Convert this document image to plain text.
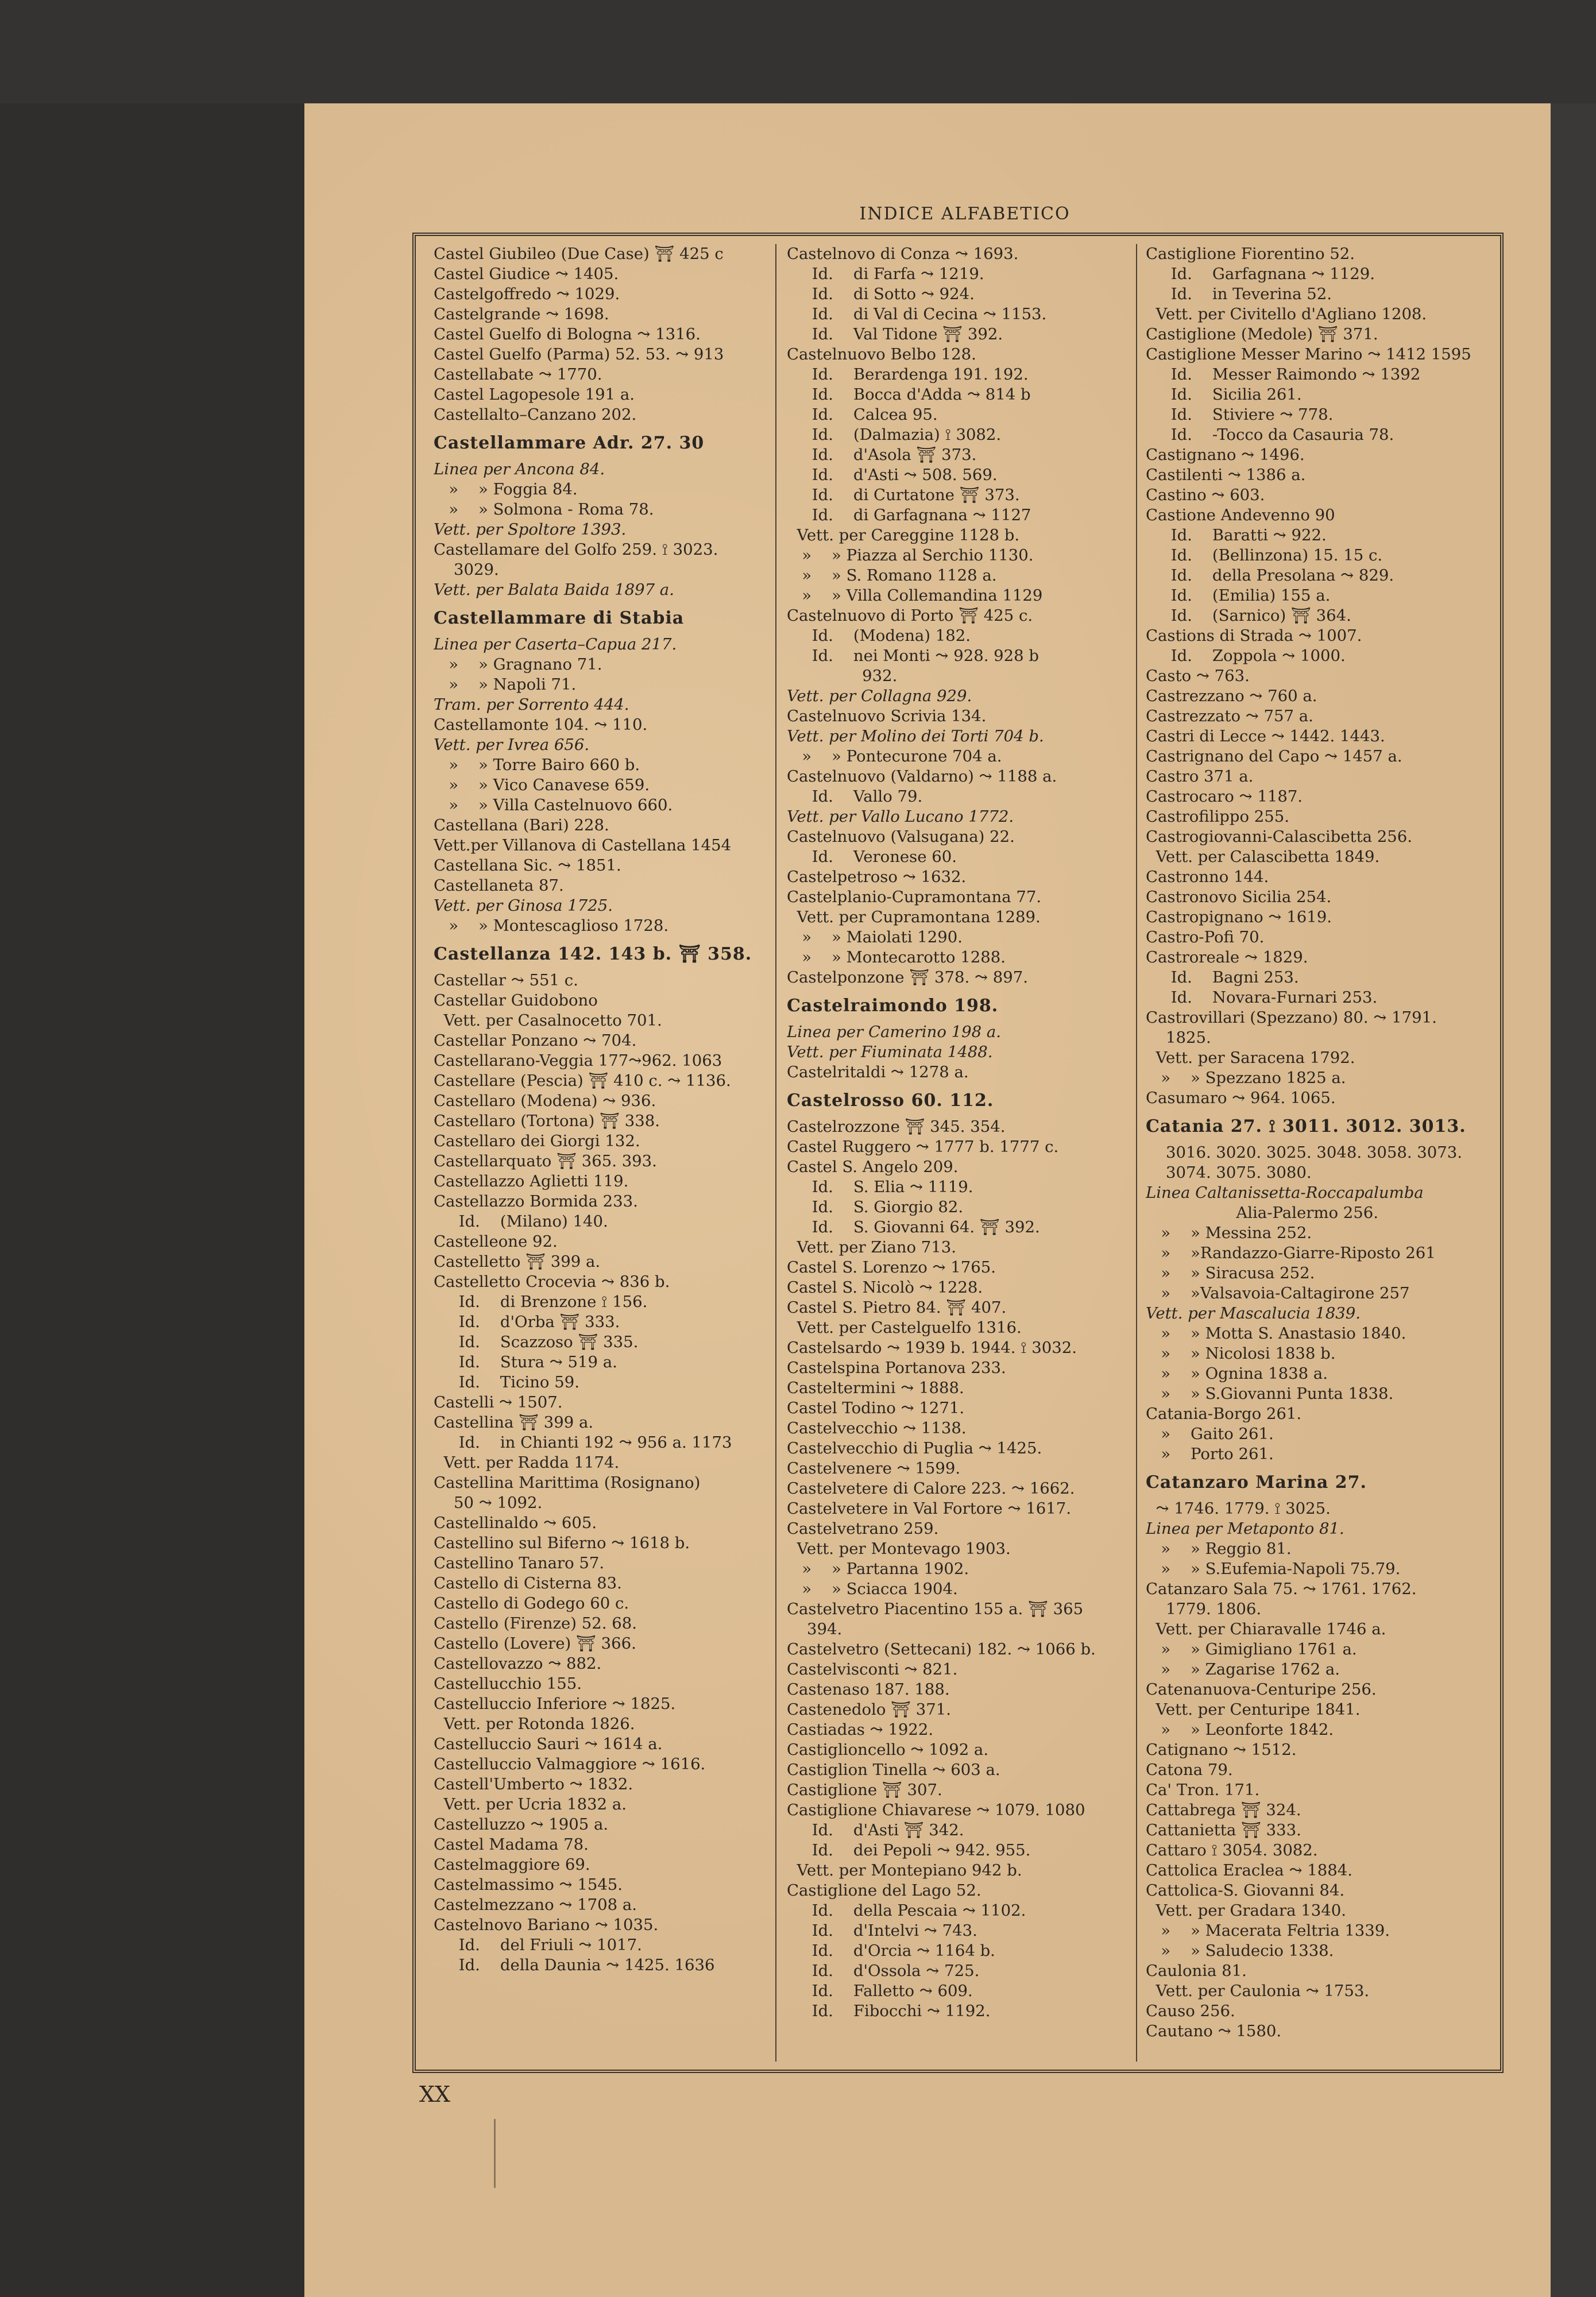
INDICE ALFABETICO
Castel Giubileo (Due Case) ⛩ 425 c
Castel Giudice ⤳ 1405.
Castelgoffredo ⤳ 1029.
Castelgrande ⤳ 1698.
Castel Guelfo di Bologna ⤳ 1316.
Castel Guelfo (Parma) 52. 53. ⤳ 913
Castellabate ⤳ 1770.
Castel Lagopesole 191 a.
Castellalto–Canzano 202.
Castellammare Adr. 27. 30
Linea per Ancona 84.
»    » Foggia 84.
»    » Solmona - Roma 78.
Vett. per Spoltore 1393.
Castellamare del Golfo 259. ⟟ 3023.
3029.
Vett. per Balata Baida 1897 a.
Castellammare di Stabia
Linea per Caserta–Capua 217.
»    » Gragnano 71.
»    » Napoli 71.
Tram. per Sorrento 444.
Castellamonte 104. ⤳ 110.
Vett. per Ivrea 656.
»    » Torre Bairo 660 b.
»    » Vico Canavese 659.
»    » Villa Castelnuovo 660.
Castellana (Bari) 228.
Vett.per Villanova di Castellana 1454
Castellana Sic. ⤳ 1851.
Castellaneta 87.
Vett. per Ginosa 1725.
»    » Montescaglioso 1728.
Castellanza 142. 143 b. ⛩ 358.
Castellar ⤳ 551 c.
Castellar Guidobono
Vett. per Casalnocetto 701.
Castellar Ponzano ⤳ 704.
Castellarano-Veggia 177⤳962. 1063
Castellare (Pescia) ⛩ 410 c. ⤳ 1136.
Castellaro (Modena) ⤳ 936.
Castellaro (Tortona) ⛩ 338.
Castellaro dei Giorgi 132.
Castellarquato ⛩ 365. 393.
Castellazzo Aglietti 119.
Castellazzo Bormida 233.
Id.    (Milano) 140.
Castelleone 92.
Castelletto ⛩ 399 a.
Castelletto Crocevia ⤳ 836 b.
Id.    di Brenzone ⟟ 156.
Id.    d'Orba ⛩ 333.
Id.    Scazzoso ⛩ 335.
Id.    Stura ⤳ 519 a.
Id.    Ticino 59.
Castelli ⤳ 1507.
Castellina ⛩ 399 a.
Id.    in Chianti 192 ⤳ 956 a. 1173
Vett. per Radda 1174.
Castellina Marittima (Rosignano)
50 ⤳ 1092.
Castellinaldo ⤳ 605.
Castellino sul Biferno ⤳ 1618 b.
Castellino Tanaro 57.
Castello di Cisterna 83.
Castello di Godego 60 c.
Castello (Firenze) 52. 68.
Castello (Lovere) ⛩ 366.
Castellovazzo ⤳ 882.
Castellucchio 155.
Castelluccio Inferiore ⤳ 1825.
Vett. per Rotonda 1826.
Castelluccio Sauri ⤳ 1614 a.
Castelluccio Valmaggiore ⤳ 1616.
Castell'Umberto ⤳ 1832.
Vett. per Ucria 1832 a.
Castelluzzo ⤳ 1905 a.
Castel Madama 78.
Castelmaggiore 69.
Castelmassimo ⤳ 1545.
Castelmezzano ⤳ 1708 a.
Castelnovo Bariano ⤳ 1035.
Id.    del Friuli ⤳ 1017.
Id.    della Daunia ⤳ 1425. 1636
Castelnovo di Conza ⤳ 1693.
Id.    di Farfa ⤳ 1219.
Id.    di Sotto ⤳ 924.
Id.    di Val di Cecina ⤳ 1153.
Id.    Val Tidone ⛩ 392.
Castelnuovo Belbo 128.
Id.    Berardenga 191. 192.
Id.    Bocca d'Adda ⤳ 814 b
Id.    Calcea 95.
Id.    (Dalmazia) ⟟ 3082.
Id.    d'Asola ⛩ 373.
Id.    d'Asti ⤳ 508. 569.
Id.    di Curtatone ⛩ 373.
Id.    di Garfagnana ⤳ 1127
Vett. per Careggine 1128 b.
»    » Piazza al Serchio 1130.
»    » S. Romano 1128 a.
»    » Villa Collemandina 1129
Castelnuovo di Porto ⛩ 425 c.
Id.    (Modena) 182.
Id.    nei Monti ⤳ 928. 928 b
932.
Vett. per Collagna 929.
Castelnuovo Scrivia 134.
Vett. per Molino dei Torti 704 b.
»    » Pontecurone 704 a.
Castelnuovo (Valdarno) ⤳ 1188 a.
Id.    Vallo 79.
Vett. per Vallo Lucano 1772.
Castelnuovo (Valsugana) 22.
Id.    Veronese 60.
Castelpetroso ⤳ 1632.
Castelplanio-Cupramontana 77.
Vett. per Cupramontana 1289.
»    » Maiolati 1290.
»    » Montecarotto 1288.
Castelponzone ⛩ 378. ⤳ 897.
Castelraimondo 198.
Linea per Camerino 198 a.
Vett. per Fiuminata 1488.
Castelritaldi ⤳ 1278 a.
Castelrosso 60. 112.
Castelrozzone ⛩ 345. 354.
Castel Ruggero ⤳ 1777 b. 1777 c.
Castel S. Angelo 209.
Id.    S. Elia ⤳ 1119.
Id.    S. Giorgio 82.
Id.    S. Giovanni 64. ⛩ 392.
Vett. per Ziano 713.
Castel S. Lorenzo ⤳ 1765.
Castel S. Nicolò ⤳ 1228.
Castel S. Pietro 84. ⛩ 407.
Vett. per Castelguelfo 1316.
Castelsardo ⤳ 1939 b. 1944. ⟟ 3032.
Castelspina Portanova 233.
Casteltermini ⤳ 1888.
Castel Todino ⤳ 1271.
Castelvecchio ⤳ 1138.
Castelvecchio di Puglia ⤳ 1425.
Castelvenere ⤳ 1599.
Castelvetere di Calore 223. ⤳ 1662.
Castelvetere in Val Fortore ⤳ 1617.
Castelvetrano 259.
Vett. per Montevago 1903.
»    » Partanna 1902.
»    » Sciacca 1904.
Castelvetro Piacentino 155 a. ⛩ 365
394.
Castelvetro (Settecani) 182. ⤳ 1066 b.
Castelvisconti ⤳ 821.
Castenaso 187. 188.
Castenedolo ⛩ 371.
Castiadas ⤳ 1922.
Castiglioncello ⤳ 1092 a.
Castiglion Tinella ⤳ 603 a.
Castiglione ⛩ 307.
Castiglione Chiavarese ⤳ 1079. 1080
Id.    d'Asti ⛩ 342.
Id.    dei Pepoli ⤳ 942. 955.
Vett. per Montepiano 942 b.
Castiglione del Lago 52.
Id.    della Pescaia ⤳ 1102.
Id.    d'Intelvi ⤳ 743.
Id.    d'Orcia ⤳ 1164 b.
Id.    d'Ossola ⤳ 725.
Id.    Falletto ⤳ 609.
Id.    Fibocchi ⤳ 1192.
Castiglione Fiorentino 52.
Id.    Garfagnana ⤳ 1129.
Id.    in Teverina 52.
Vett. per Civitello d'Agliano 1208.
Castiglione (Medole) ⛩ 371.
Castiglione Messer Marino ⤳ 1412 1595
Id.    Messer Raimondo ⤳ 1392
Id.    Sicilia 261.
Id.    Stiviere ⤳ 778.
Id.    -Tocco da Casauria 78.
Castignano ⤳ 1496.
Castilenti ⤳ 1386 a.
Castino ⤳ 603.
Castione Andevenno 90
Id.    Baratti ⤳ 922.
Id.    (Bellinzona) 15. 15 c.
Id.    della Presolana ⤳ 829.
Id.    (Emilia) 155 a.
Id.    (Sarnico) ⛩ 364.
Castions di Strada ⤳ 1007.
Id.    Zoppola ⤳ 1000.
Casto ⤳ 763.
Castrezzano ⤳ 760 a.
Castrezzato ⤳ 757 a.
Castri di Lecce ⤳ 1442. 1443.
Castrignano del Capo ⤳ 1457 a.
Castro 371 a.
Castrocaro ⤳ 1187.
Castrofilippo 255.
Castrogiovanni-Calascibetta 256.
Vett. per Calascibetta 1849.
Castronno 144.
Castronovo Sicilia 254.
Castropignano ⤳ 1619.
Castro-Pofi 70.
Castroreale ⤳ 1829.
Id.    Bagni 253.
Id.    Novara-Furnari 253.
Castrovillari (Spezzano) 80. ⤳ 1791.
1825.
Vett. per Saracena 1792.
»    » Spezzano 1825 a.
Casumaro ⤳ 964. 1065.
Catania 27. ⟟ 3011. 3012. 3013.
3016. 3020. 3025. 3048. 3058. 3073.
3074. 3075. 3080.
Linea Caltanissetta-Roccapalumba
Alia-Palermo 256.
»    » Messina 252.
»    »Randazzo-Giarre-Riposto 261
»    » Siracusa 252.
»    »Valsavoia-Caltagirone 257
Vett. per Mascalucia 1839.
»    » Motta S. Anastasio 1840.
»    » Nicolosi 1838 b.
»    » Ognina 1838 a.
»    » S.Giovanni Punta 1838.
Catania-Borgo 261.
»    Gaito 261.
»    Porto 261.
Catanzaro Marina 27.
⤳ 1746. 1779. ⟟ 3025.
Linea per Metaponto 81.
»    » Reggio 81.
»    » S.Eufemia-Napoli 75.79.
Catanzaro Sala 75. ⤳ 1761. 1762.
1779. 1806.
Vett. per Chiaravalle 1746 a.
»    » Gimigliano 1761 a.
»    » Zagarise 1762 a.
Catenanuova-Centuripe 256.
Vett. per Centuripe 1841.
»    » Leonforte 1842.
Catignano ⤳ 1512.
Catona 79.
Ca' Tron. 171.
Cattabrega ⛩ 324.
Cattanietta ⛩ 333.
Cattaro ⟟ 3054. 3082.
Cattolica Eraclea ⤳ 1884.
Cattolica-S. Giovanni 84.
Vett. per Gradara 1340.
»    » Macerata Feltria 1339.
»    » Saludecio 1338.
Caulonia 81.
Vett. per Caulonia ⤳ 1753.
Causo 256.
Cautano ⤳ 1580.
XX
